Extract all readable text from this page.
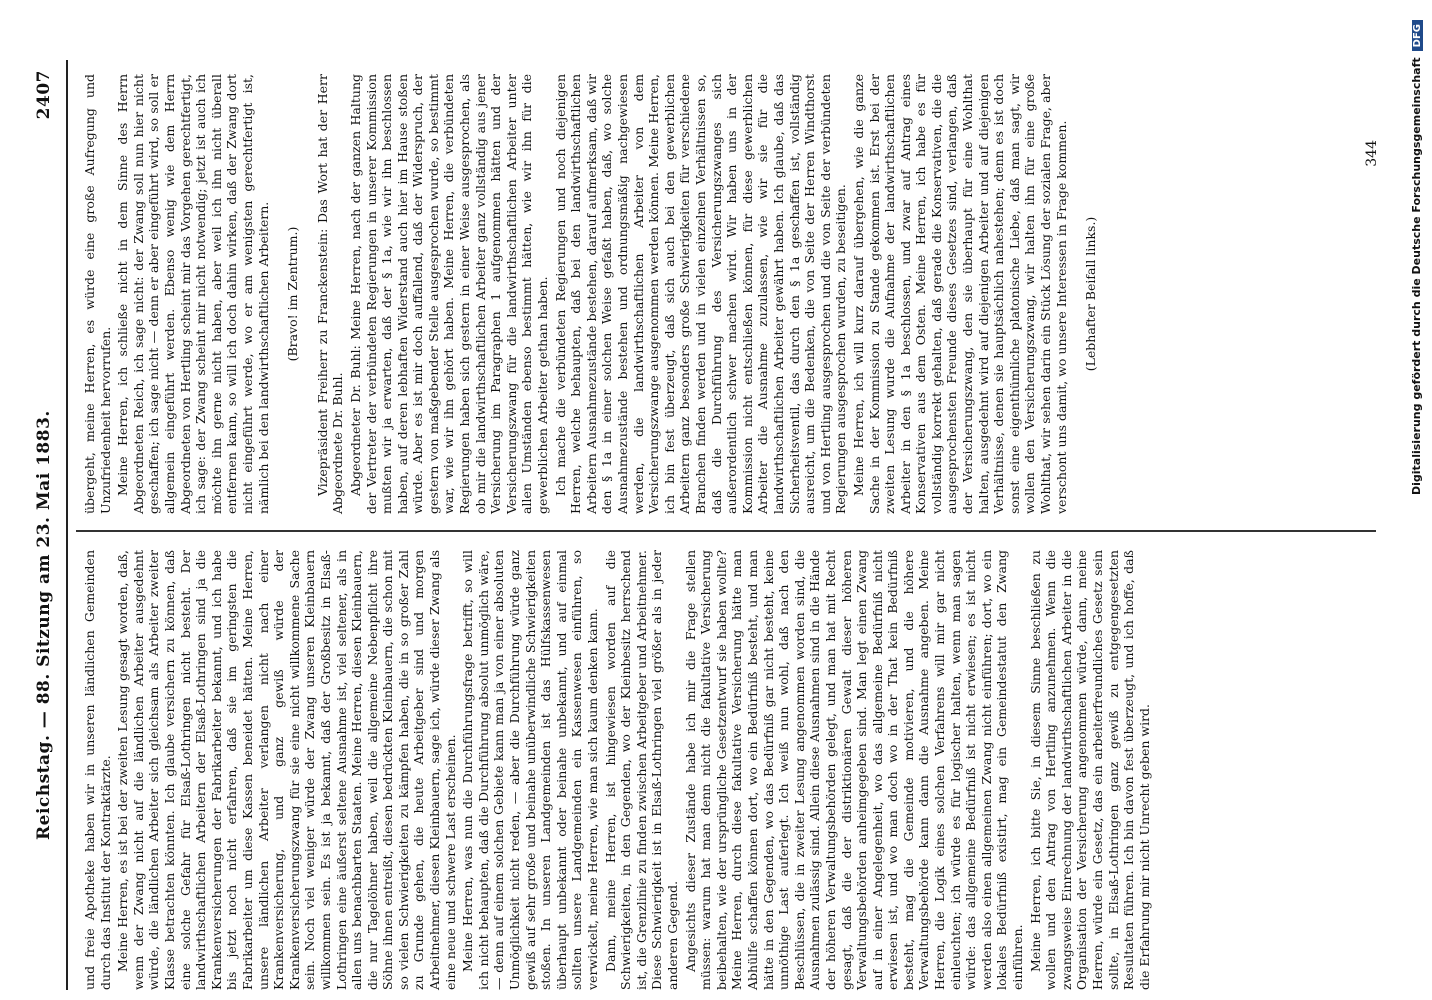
Reichstag. — 88. Sitzung am 23. Mai 1883.
2407

und freie Apotheke haben wir in unseren ländlichen Gemeinden durch das Institut der Kontraktärzte. Meine Herren, es ist bei der zweiten Lesung gesagt worden, daß, wenn der Zwang nicht auf die ländlichen Arbeiter ausgedehnt würde, die ländlichen Arbeiter sich gleichsam als Arbeiter zweiter Klasse betrachten könnten. Ich glaube versichern zu können, daß eine solche Gefahr für Elsaß-Lothringen nicht besteht. Der landwirthschaftlichen Arbeitern der Elsaß-Lothringen sind ja die Krankenversicherungen der Fabrikarbeiter bekannt, und ich habe bis jetzt noch nicht erfahren, daß sie im geringsten die Fabrikarbeiter um diese Kassen beneidet hätten. Meine Herren, unsere ländlichen Arbeiter verlangen nicht nach einer Krankenversicherung, und ganz gewiß würde der Krankenversicherungszwang für sie eine nicht willkommene Sache sein. Noch viel weniger würde der Zwang unseren Kleinbauern willkommen sein. Es ist ja bekannt, daß der Großbesitz in Elsaß-Lothringen eine äußerst seltene Ausnahme ist, viel seltener, als in allen uns benachbarten Staaten. Meine Herren, diesen Kleinbauern, die nur Tagelöhner haben, weil die allgemeine Nebenpflicht ihre Söhne ihnen entreißt, diesen bedrückten Kleinbauern, die schon mit so vielen Schwierigkeiten zu kämpfen haben, die in so großer Zahl zu Grunde gehen, die heute Arbeitgeber sind und morgen Arbeitnehmer, diesen Kleinbauern, sage ich, würde dieser Zwang als eine neue und schwere Last erscheinen. Meine Herren, was nun die Durchführungsfrage betrifft, so will ich nicht behaupten, daß die Durchführung absolut unmöglich wäre, — denn auf einem solchen Gebiete kann man ja von einer absoluten Unmöglichkeit nicht reden, — aber die Durchführung würde ganz gewiß auf sehr große und beinahe unüberwindliche Schwierigkeiten stoßen. In unseren Landgemeinden ist das Hülfskassenwesen überhaupt unbekannt oder beinahe unbekannt, und auf einmal sollten unsere Landgemeinden ein Kassenwesen einführen, so verwickelt, meine Herren, wie man sich kaum denken kann. Dann, meine Herren, ist hingewiesen worden auf die Schwierigkeiten, in den Gegenden, wo der Kleinbesitz herrschend ist, die Grenzlinie zu finden zwischen Arbeitgeber und Arbeitnehmer. Diese Schwierigkeit ist in Elsaß-Lothringen viel größer als in jeder anderen Gegend. Angesichts dieser Zustände habe ich mir die Frage stellen müssen: warum hat man denn nicht die fakultative Versicherung beibehalten, wie der ursprüngliche Gesetzentwurf sie haben wollte? Meine Herren, durch diese fakultative Versicherung hätte man Abhülfe schaffen können dort, wo ein Bedürfniß besteht, und man hätte in den Gegenden, wo das Bedürfniß gar nicht besteht, keine unnöthige Last auferlegt. Ich weiß nun wohl, daß nach den Beschlüssen, die in zweiter Lesung angenommen worden sind, die Ausnahmen zulässig sind. Allein diese Ausnahmen sind in die Hände der höheren Verwaltungsbehörden gelegt, und man hat mit Recht gesagt, daß die der distriktionären Gewalt dieser höheren Verwaltungsbehörden anheimgegeben sind. Man legt einen Zwang auf in einer Angelegenheit, wo das allgemeine Bedürfniß nicht erwiesen ist, und wo man doch wo in der That kein Bedürfniß besteht, mag die Gemeinde motivieren, und die höhere Verwaltungsbehörde kann dann die Ausnahme angeben. Meine Herren, die Logik eines solchen Verfahrens will mir gar nicht einleuchten; ich würde es für logischer halten, wenn man sagen würde: das allgemeine Bedürfniß ist nicht erwiesen; es ist nicht werden also einen allgemeinen Zwang nicht einführen; dort, wo ein lokales Bedürfniß existirt, mag ein Gemeindestatut den Zwang einführen. Meine Herren, ich bitte Sie, in diesem Sinne beschließen zu wollen und den Antrag von Hertling anzunehmen. Wenn die zwangsweise Einrechnung der landwirthschaftlichen Arbeiter in die Organisation der Versicherung angenommen würde, dann, meine Herren, würde ein Gesetz, das ein arbeiterfreundliches Gesetz sein sollte, in Elsaß-Lothringen ganz gewiß zu entgegengesetzten Resultaten führen. Ich bin davon fest überzeugt, und ich hoffe, daß die Erfahrung mir nicht Unrecht geben wird.

übergeht, meine Herren, es würde eine große Aufregung und Unzufriedenheit hervorrufen. Meine Herren, ich schließe nicht in dem Sinne des Herrn Abgeordneten Reich, ich sage nicht: der Zwang soll nun hier nicht geschaffen; ich sage nicht — denn er aber eingeführt wird, so soll er allgemein eingeführt werden. Ebenso wenig wie dem Herrn Abgeordneten von Hertling scheint mir das Vorgehen gerechtfertigt, ich sage: der Zwang scheint mir nicht notwendig; jetzt ist auch ich möchte ihn gerne nicht haben, aber weil ich ihn nicht überall entfernen kann, so will ich doch dahin wirken, daß der Zwang dort nicht eingeführt werde, wo er am wenigsten gerechtfertigt ist, nämlich bei den landwirthschaftlichen Arbeitern. (Bravo! im Zentrum.) Vizepräsident Freiherr zu Franckenstein: Das Wort hat der Herr Abgeordnete Dr. Buhl. Abgeordneter Dr. Buhl: Meine Herren, nach der ganzen Haltung der Vertreter der verbündeten Regierungen in unserer Kommission mußten wir ja erwarten, daß der § 1a, wie wir ihn beschlossen haben, auf deren lebhaften Widerstand auch hier im Hause stoßen würde. Aber es ist mir doch auffallend, daß der Widerspruch, der gestern von maßgebender Stelle ausgesprochen wurde, so bestimmt war, wie wir ihn gehört haben. Meine Herren, die verbündeten Regierungen haben sich gestern in einer Weise ausgesprochen, als ob mir die landwirthschaftlichen Arbeiter ganz vollständig aus jener Versicherung im Paragraphen 1 aufgenommen hätten und der Versicherungszwang für die landwirthschaftlichen Arbeiter unter allen Umständen ebenso bestimmt hätten, wie wir ihn für die gewerblichen Arbeiter gethan haben. Ich mache die verbündeten Regierungen und noch diejenigen Herren, welche behaupten, daß bei den landwirthschaftlichen Arbeitern Ausnahmezustände bestehen, darauf aufmerksam, daß wir den § 1a in einer solchen Weise gefaßt haben, daß, wo solche Ausnahmezustände bestehen und ordnungsmäßig nachgewiesen werden, die landwirthschaftlichen Arbeiter von dem Versicherungszwange ausgenommen werden können. Meine Herren, ich bin fest überzeugt, daß sich auch bei den gewerblichen Arbeitern ganz besonders große Schwierigkeiten für verschiedene Branchen finden werden und in vielen einzelnen Verhältnissen so, daß die Durchführung des Versicherungszwanges sich außerordentlich schwer machen wird. Wir haben uns in der Kommission nicht entschließen können, für diese gewerblichen Arbeiter die Ausnahme zuzulassen, wie wir sie für die landwirthschaftlichen Arbeiter gewährt haben. Ich glaube, daß das Sicherheitsventil, das durch den § 1a geschaffen ist, vollständig ausreicht, um die Bedenken, die von Seite der Herren Windthorst und von Hertling ausgesprochen und die von Seite der verbündeten Regierungen ausgesprochen wurden, zu beseitigen. Meine Herren, ich will kurz darauf übergehen, wie die ganze Sache in der Kommission zu Stande gekommen ist. Erst bei der zweiten Lesung wurde die Aufnahme der landwirthschaftlichen Arbeiter in den § 1a beschlossen, und zwar auf Antrag eines Konservativen aus dem Osten. Meine Herren, ich habe es für vollständig korrekt gehalten, daß gerade die Konservativen, die die ausgesprochensten Freunde dieses Gesetzes sind, verlangen, daß der Versicherungszwang, den sie überhaupt für eine Wohlthat halten, ausgedehnt wird auf diejenigen Arbeiter und auf diejenigen Verhältnisse, denen sie hauptsächlich nahestehen; denn es ist doch sonst eine eigenthümliche platonische Liebe, daß man sagt, wir wollen den Versicherungszwang, wir halten ihn für eine große Wohlthat, wir sehen darin ein Stück Lösung der sozialen Frage, aber verschont uns damit, wo unsere Interessen in Frage kommen. (Lebhafter Beifall links.)

344	Digitalisierung gefördert durch die Deutsche ForschungsgemeinschaftDFG
